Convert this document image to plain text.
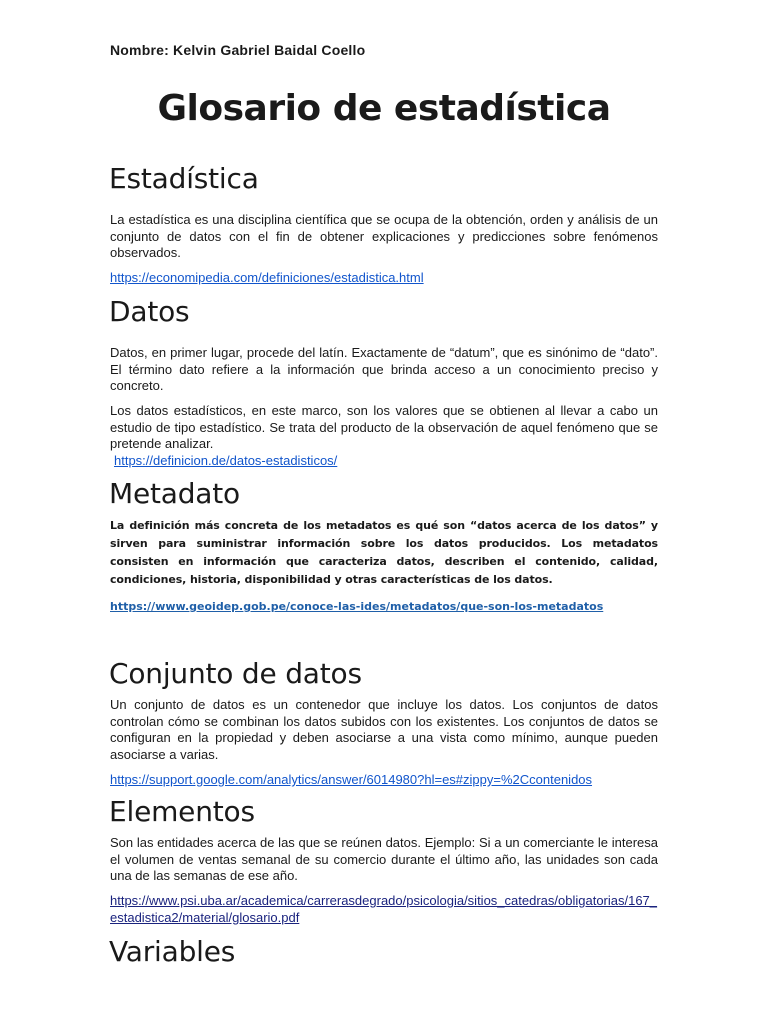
Nombre: Kelvin Gabriel Baidal Coello
Glosario de estadística
Estadística
La estadística es una disciplina científica que se ocupa de la obtención, orden y análisis de un conjunto de datos con el fin de obtener explicaciones y predicciones sobre fenómenos observados.
https://economipedia.com/definiciones/estadistica.html
Datos
Datos, en primer lugar, procede del latín. Exactamente de “datum”, que es sinónimo de “dato”. El término dato refiere a la información que brinda acceso a un conocimiento preciso y concreto.
Los datos estadísticos, en este marco, son los valores que se obtienen al llevar a cabo un estudio de tipo estadístico. Se trata del producto de la observación de aquel fenómeno que se pretende analizar.
https://definicion.de/datos-estadisticos/
Metadato
La definición más concreta de los metadatos es qué son “datos acerca de los datos” y sirven para suministrar información sobre los datos producidos. Los metadatos consisten en información que caracteriza datos, describen el contenido, calidad, condiciones, historia, disponibilidad y otras características de los datos.
https://www.geoidep.gob.pe/conoce-las-ides/metadatos/que-son-los-metadatos
Conjunto de datos
Un conjunto de datos es un contenedor que incluye los datos. Los conjuntos de datos controlan cómo se combinan los datos subidos con los existentes. Los conjuntos de datos se configuran en la propiedad y deben asociarse a una vista como mínimo, aunque pueden asociarse a varias.
https://support.google.com/analytics/answer/6014980?hl=es#zippy=%2Ccontenidos
Elementos
Son las entidades acerca de las que se reúnen datos. Ejemplo: Si a un comerciante le interesa el volumen de ventas semanal de su comercio durante el último año, las unidades son cada una de las semanas de ese año.
https://www.psi.uba.ar/academica/carrerasdegrado/psicologia/sitios_catedras/obligatorias/167_estadistica2/material/glosario.pdf
Variables
